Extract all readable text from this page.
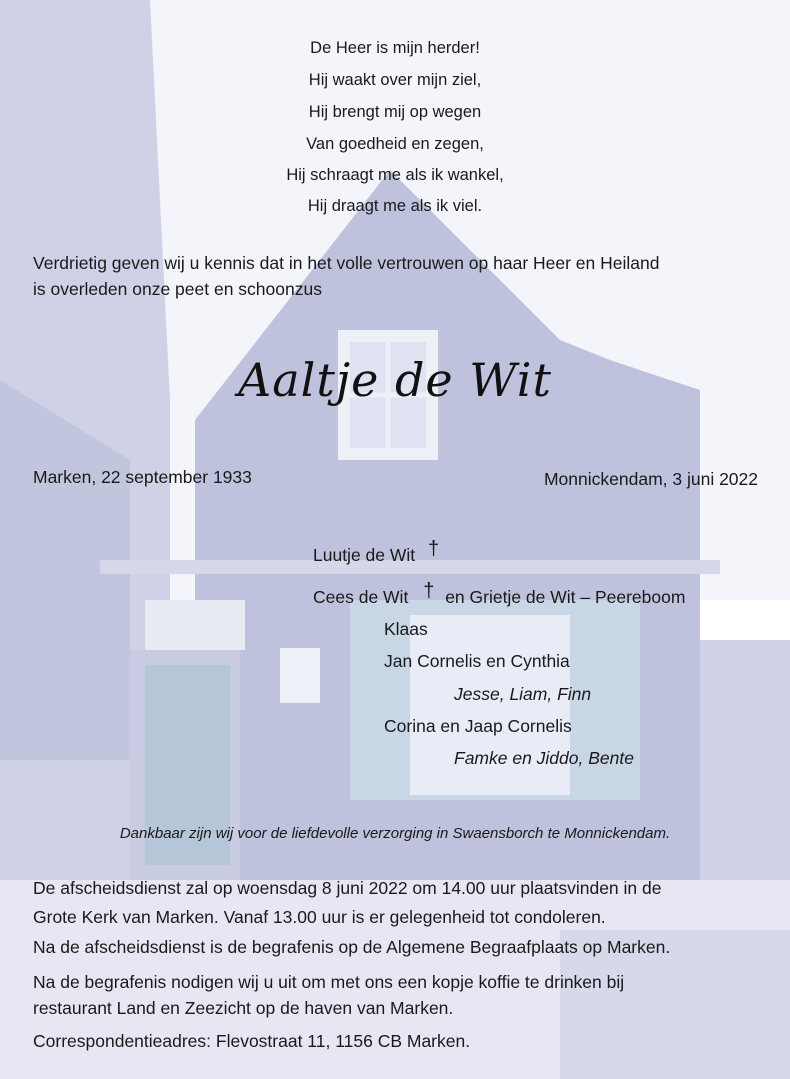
De Heer is mijn herder!
Hij waakt over mijn ziel,
Hij brengt mij op wegen
Van goedheid en zegen,
Hij schraagt me als ik wankel,
Hij draagt me als ik viel.
Verdrietig geven wij u kennis dat in het volle vertrouwen op haar Heer en Heiland
is overleden onze peet en schoonzus
Aaltje de Wit
Marken, 22 september 1933	Monnickendam, 3 juni 2022
Luutje de Wit †
Cees de Wit † en Grietje de Wit – Peereboom
Klaas
Jan Cornelis en Cynthia
Jesse, Liam, Finn
Corina en Jaap Cornelis
Famke en Jiddo, Bente
Dankbaar zijn wij voor de liefdevolle verzorging in Swaensborch te Monnickendam.
De afscheidsdienst zal op woensdag 8 juni 2022 om 14.00 uur plaatsvinden in de
Grote Kerk van Marken. Vanaf 13.00 uur is er gelegenheid tot condoleren.
Na de afscheidsdienst is de begrafenis op de Algemene Begraafplaats op Marken.
Na de begrafenis nodigen wij u uit om met ons een kopje koffie te drinken bij
restaurant Land en Zeezicht op de haven van Marken.
Correspondentieadres: Flevostraat 11, 1156 CB Marken.
